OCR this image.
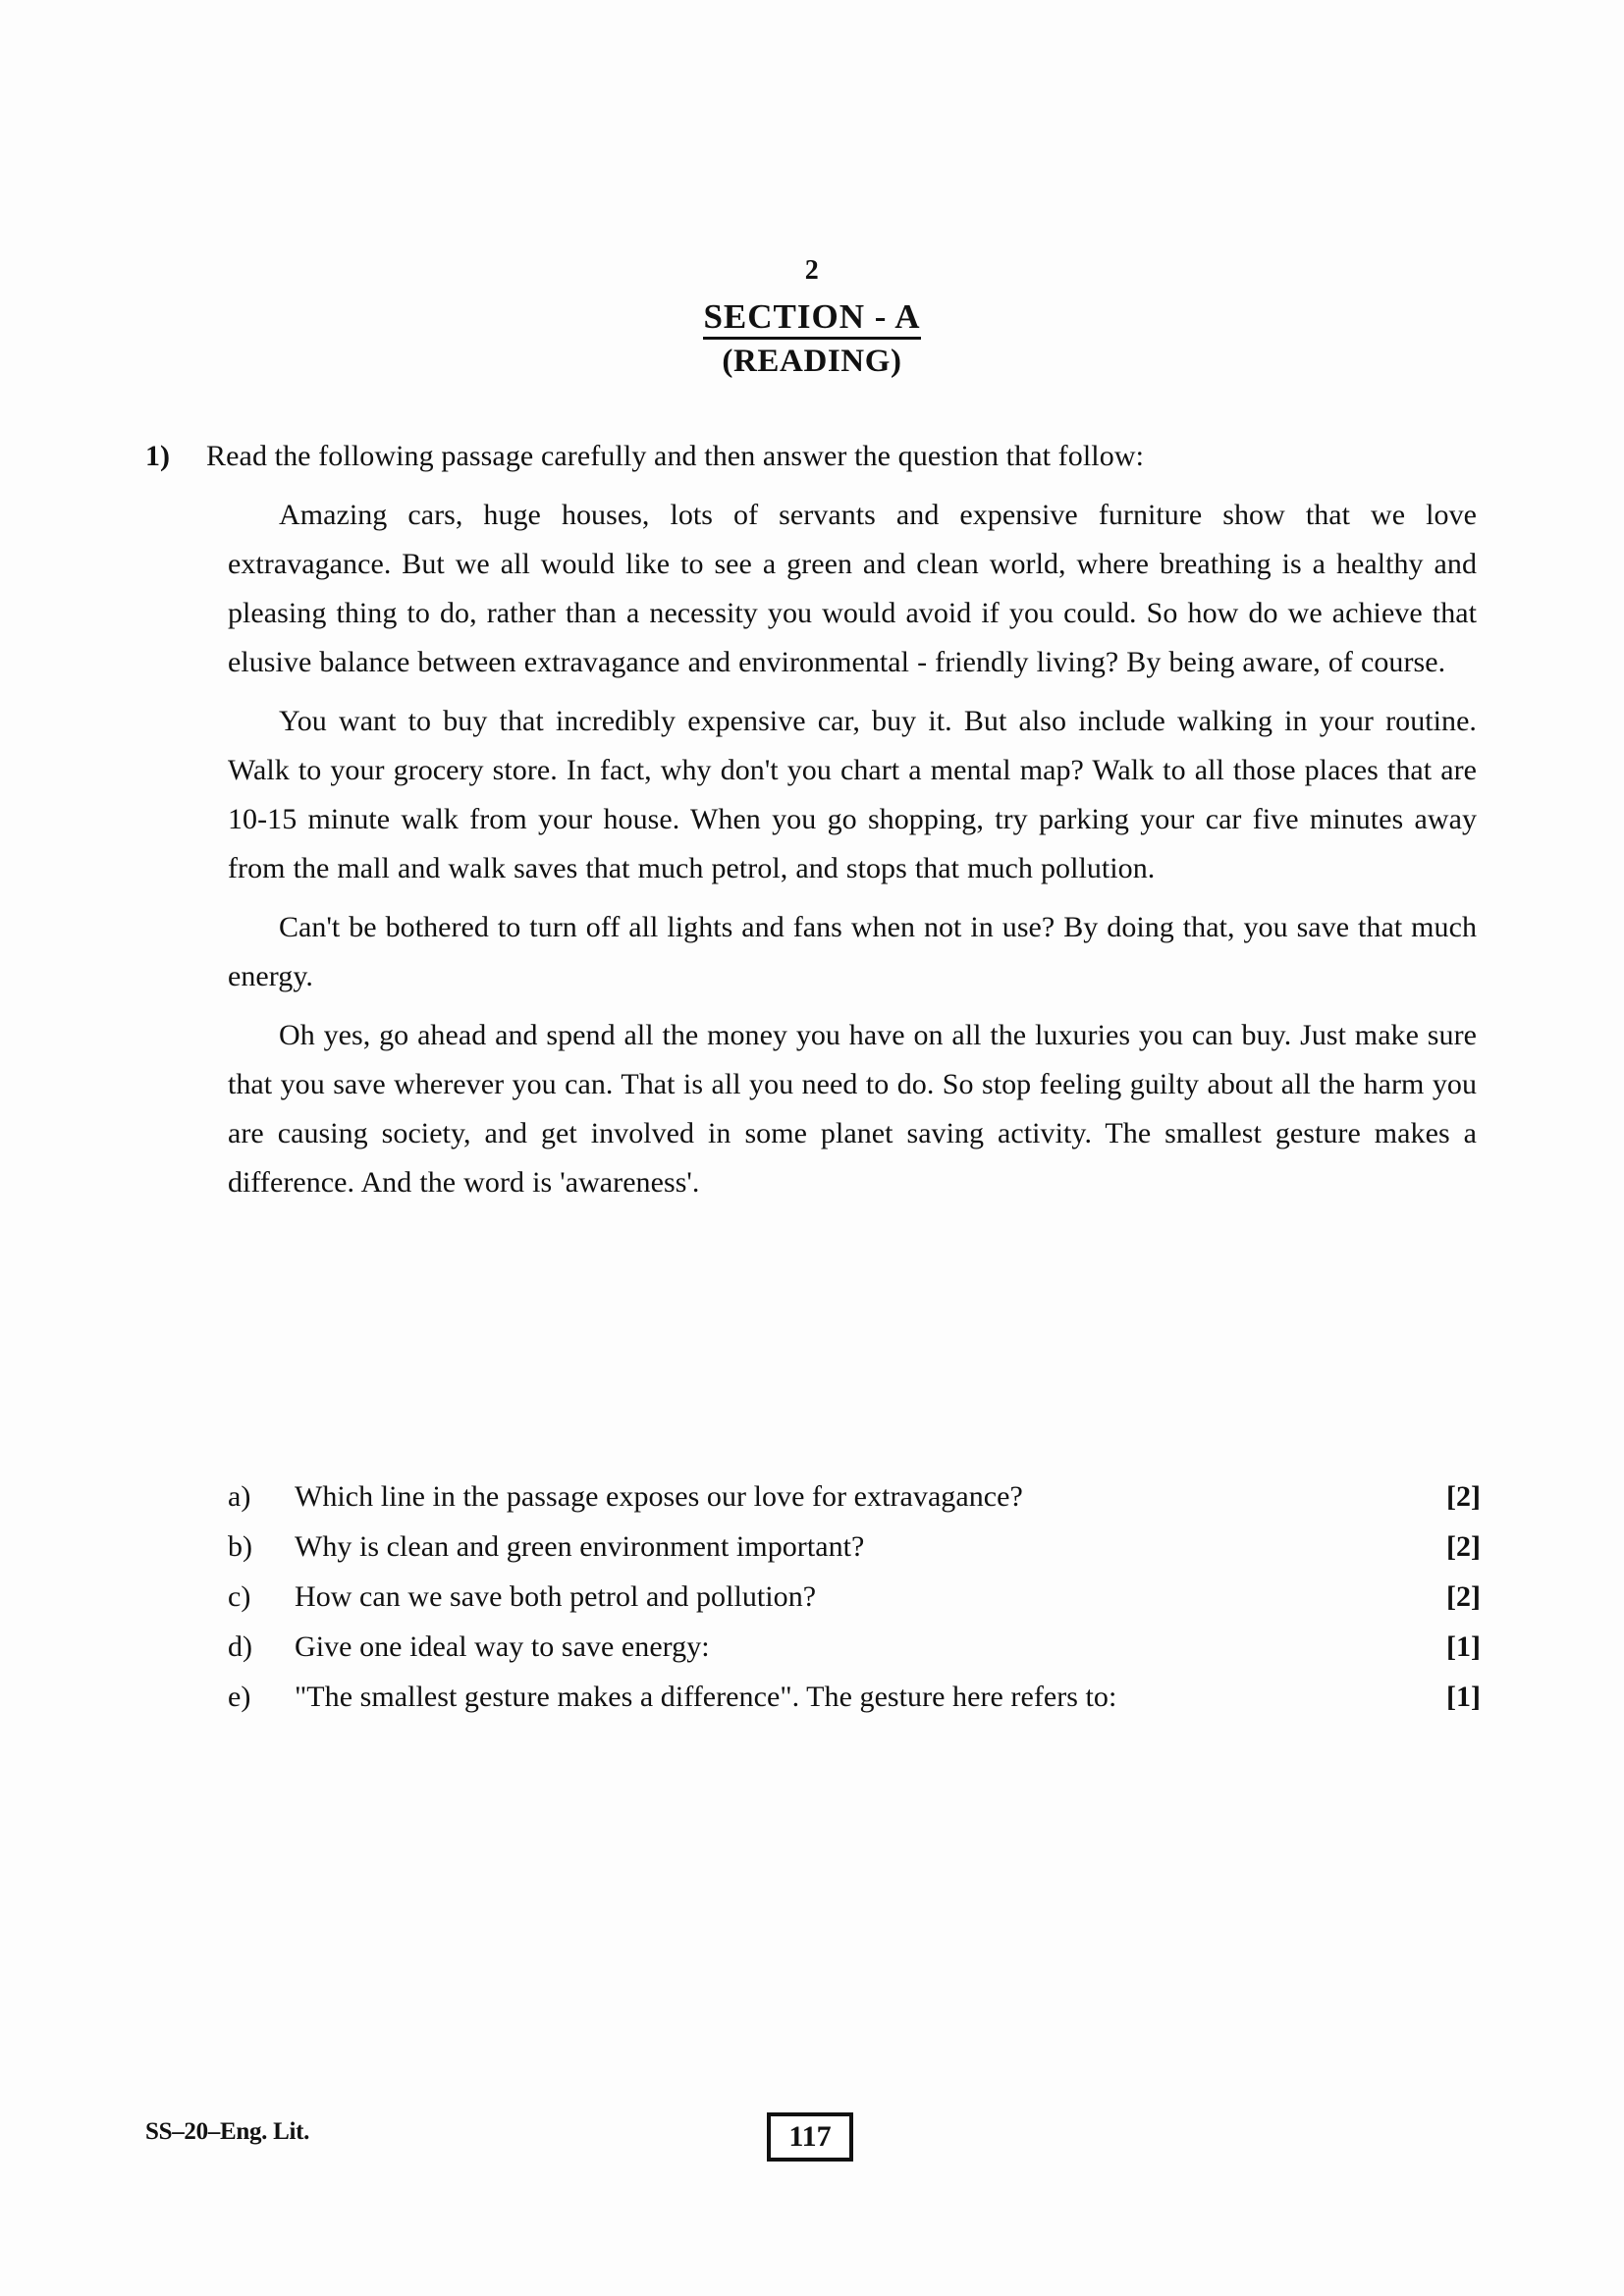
2
SECTION - A
(READING)
1)	Read the following passage carefully and then answer the question that follow:

Amazing cars, huge houses, lots of servants and expensive furniture show that we love extravagance. But we all would like to see a green and clean world, where breathing is a healthy and pleasing thing to do, rather than a necessity you would avoid if you could. So how do we achieve that elusive balance between extravagance and environmental - friendly living? By being aware, of course.

You want to buy that incredibly expensive car, buy it. But also include walking in your routine. Walk to your grocery store. In fact, why don't you chart a mental map? Walk to all those places that are 10-15 minute walk from your house. When you go shopping, try parking your car five minutes away from the mall and walk saves that much petrol, and stops that much pollution.

Can't be bothered to turn off all lights and fans when not in use? By doing that, you save that much energy.

Oh yes, go ahead and spend all the money you have on all the luxuries you can buy. Just make sure that you save wherever you can. That is all you need to do. So stop feeling guilty about all the harm you are causing society, and get involved in some planet saving activity. The smallest gesture makes a difference. And the word is 'awareness'.

a)	Which line in the passage exposes our love for extravagance?	[2]
b)	Why is clean and green environment important?	[2]
c)	How can we save both petrol and pollution?	[2]
d)	Give one ideal way to save energy:	[1]
e)	"The smallest gesture makes a difference". The gesture here refers to:	[1]
SS–20–Eng. Lit.	117
